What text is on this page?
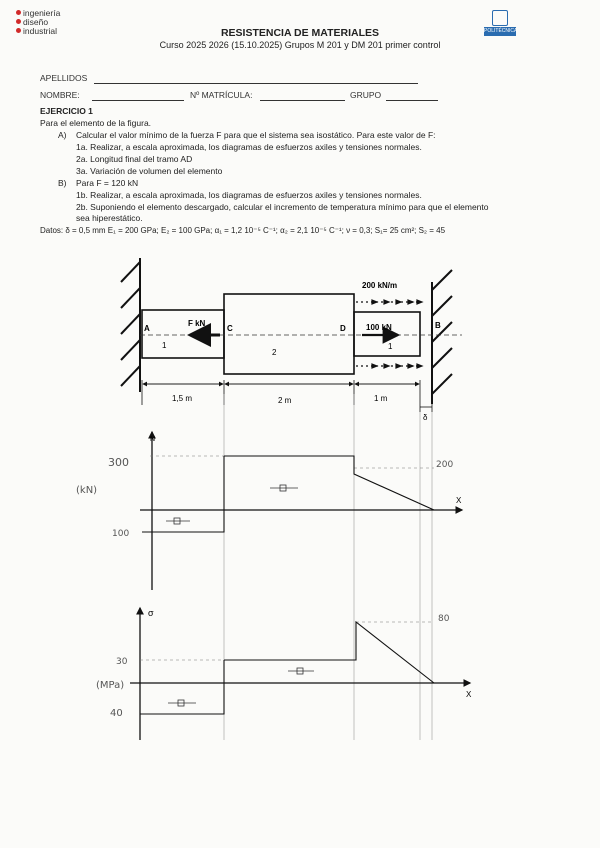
ingeniería
diseño
industrial	POLITÉCNICA
RESISTENCIA DE MATERIALES
Curso 2025 2026 (15.10.2025) Grupos M 201 y DM 201 primer control
APELLIDOS
NOMBRE:	Nº MATRÍCULA:	GRUPO
EJERCICIO 1
Para el elemento de la figura.
A) Calcular el valor mínimo de la fuerza F para que el sistema sea isostático. Para este valor de F:
1a. Realizar, a escala aproximada, los diagramas de esfuerzos axiles y tensiones normales.
2a. Longitud final del tramo AD
3a. Variación de volumen del elemento
B) Para F = 120 kN
1b. Realizar, a escala aproximada, los diagramas de esfuerzos axiles y tensiones normales.
2b. Suponiendo el elemento descargado, calcular el incremento de temperatura mínimo para que el elemento
sea hiperestático.
Datos: δ = 0,5 mm E₁ = 200 GPa; E₂ = 100 GPa; α₁ = 1,2 10⁻⁵ C⁻¹; α₂ = 2,1 10⁻⁵ C⁻¹; ν = 0,3; S₁= 25 cm²; S₂ = 45
A	C	D	B
F kN	100 kN
200 kN/m
1
2
1
1,5 m	2 m	1 m
δ
N
X
300	200
100
(kN)
σ
X
80
30
40
(MPa)
